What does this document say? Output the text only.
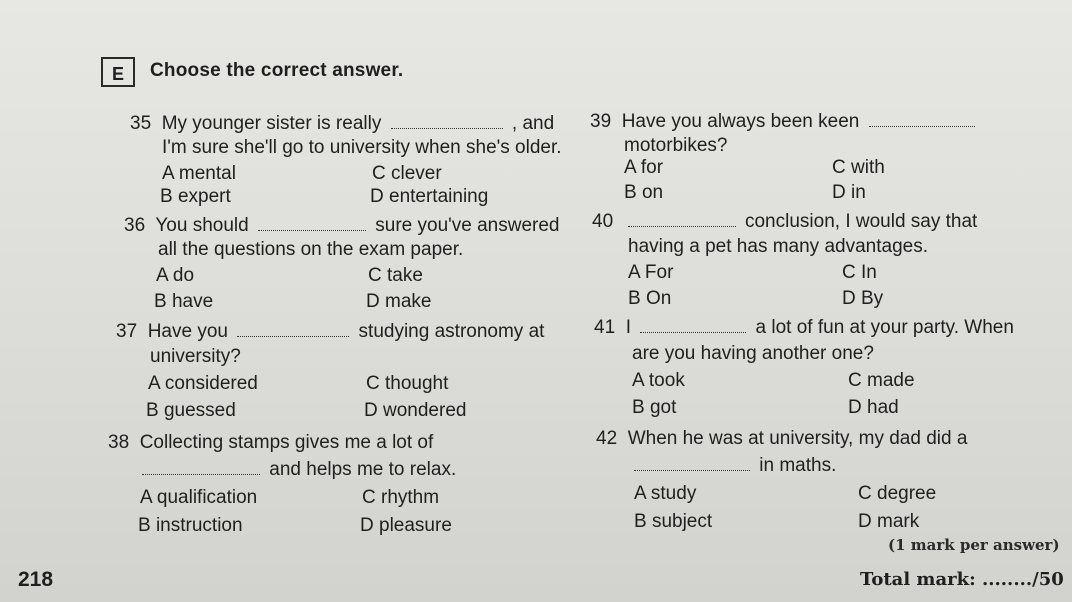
E	Choose the correct answer.
35 My younger sister is really	, and
I'm sure she'll go to university when she's older.
A mental	C clever
B expert	D entertaining
36 You should	sure you've answered
all the questions on the exam paper.
A do	C take
B have	D make
37 Have you	studying astronomy at
university?
A considered	C thought
B guessed	D wondered
38 Collecting stamps gives me a lot of
and helps me to relax.
A qualification	C rhythm
B instruction	D pleasure
39 Have you always been keen
motorbikes?
A for	C with
B on	D in
40	conclusion, I would say that
having a pet has many advantages.
A For	C In
B On	D By
41 I	a lot of fun at your party. When
are you having another one?
A took	C made
B got	D had
42 When he was at university, my dad did a
in maths.
A study	C degree
B subject	D mark
(1 mark per answer)
218	Total mark: ......../50
